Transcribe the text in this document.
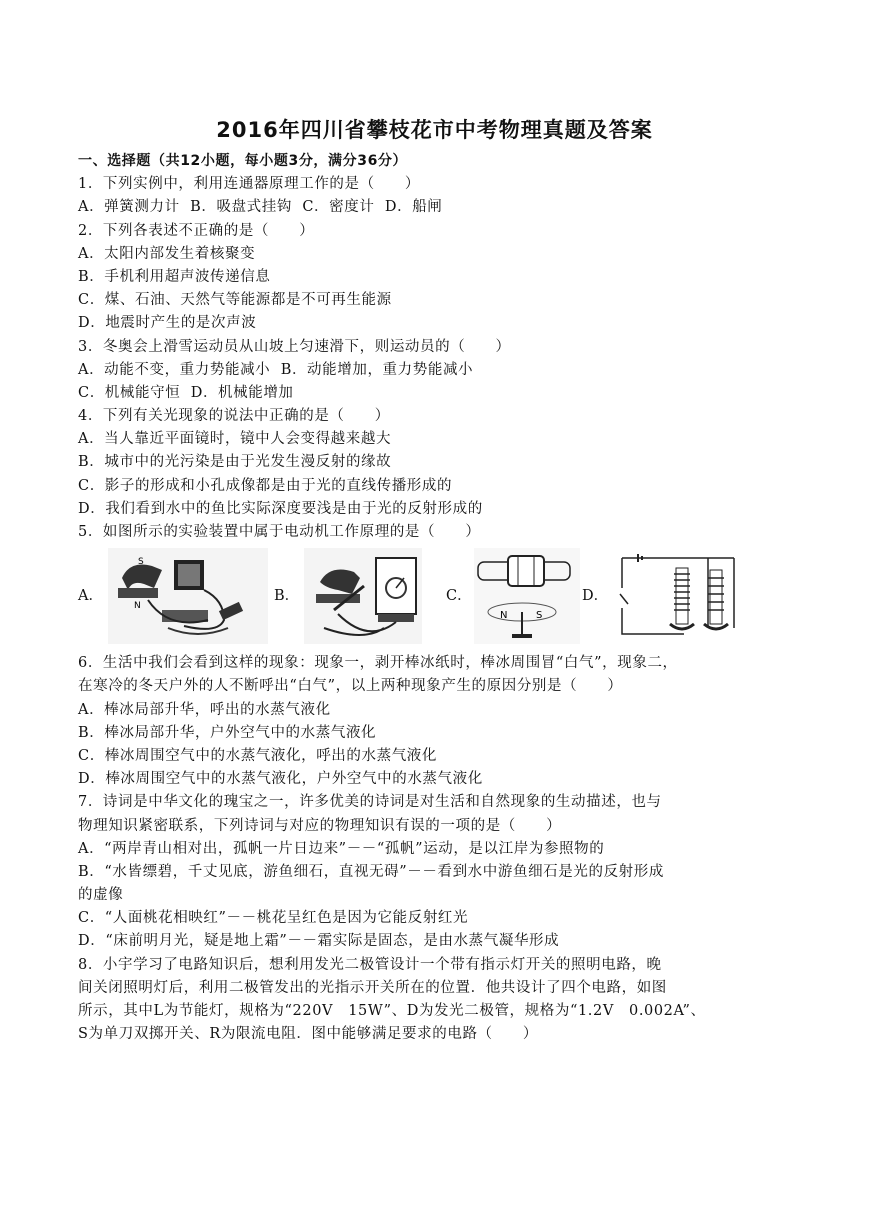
2016年四川省攀枝花市中考物理真题及答案
一、选择题（共12小题，每小题3分，满分36分）
1．下列实例中，利用连通器原理工作的是（　　）
A．弹簧测力计  B．吸盘式挂钩  C．密度计  D．船闸
2．下列各表述不正确的是（　　）
A．太阳内部发生着核聚变
B．手机利用超声波传递信息
C．煤、石油、天然气等能源都是不可再生能源
D．地震时产生的是次声波
3．冬奥会上滑雪运动员从山坡上匀速滑下，则运动员的（　　）
A．动能不变，重力势能减小  B．动能增加，重力势能减小
C．机械能守恒  D．机械能增加
4．下列有关光现象的说法中正确的是（　　）
A．当人靠近平面镜时，镜中人会变得越来越大
B．城市中的光污染是由于光发生漫反射的缘故
C．影子的形成和小孔成像都是由于光的直线传播形成的
D．我们看到水中的鱼比实际深度要浅是由于光的反射形成的
5．如图所示的实验装置中属于电动机工作原理的是（　　）
A．
S
N
B．	C．
N	S
D．
6．生活中我们会看到这样的现象：现象一，剥开棒冰纸时，棒冰周围冒“白气”，现象二，
在寒冷的冬天户外的人不断呼出“白气”，以上两种现象产生的原因分别是（　　）
A．棒冰局部升华，呼出的水蒸气液化
B．棒冰局部升华，户外空气中的水蒸气液化
C．棒冰周围空气中的水蒸气液化，呼出的水蒸气液化
D．棒冰周围空气中的水蒸气液化，户外空气中的水蒸气液化
7．诗词是中华文化的瑰宝之一，许多优美的诗词是对生活和自然现象的生动描述，也与
物理知识紧密联系，下列诗词与对应的物理知识有误的一项的是（　　）
A．“两岸青山相对出，孤帆一片日边来”－－“孤帆”运动，是以江岸为参照物的
B．“水皆缥碧，千丈见底，游鱼细石，直视无碍”－－看到水中游鱼细石是光的反射形成
的虚像
C．“人面桃花相映红”－－桃花呈红色是因为它能反射红光
D．“床前明月光，疑是地上霜”－－霜实际是固态，是由水蒸气凝华形成
8．小宇学习了电路知识后，想利用发光二极管设计一个带有指示灯开关的照明电路，晚
间关闭照明灯后，利用二极管发出的光指示开关所在的位置．他共设计了四个电路，如图
所示，其中L为节能灯，规格为“220V　15W”、D为发光二极管，规格为“1.2V　0.002A”、
S为单刀双掷开关、R为限流电阻．图中能够满足要求的电路（　　）
